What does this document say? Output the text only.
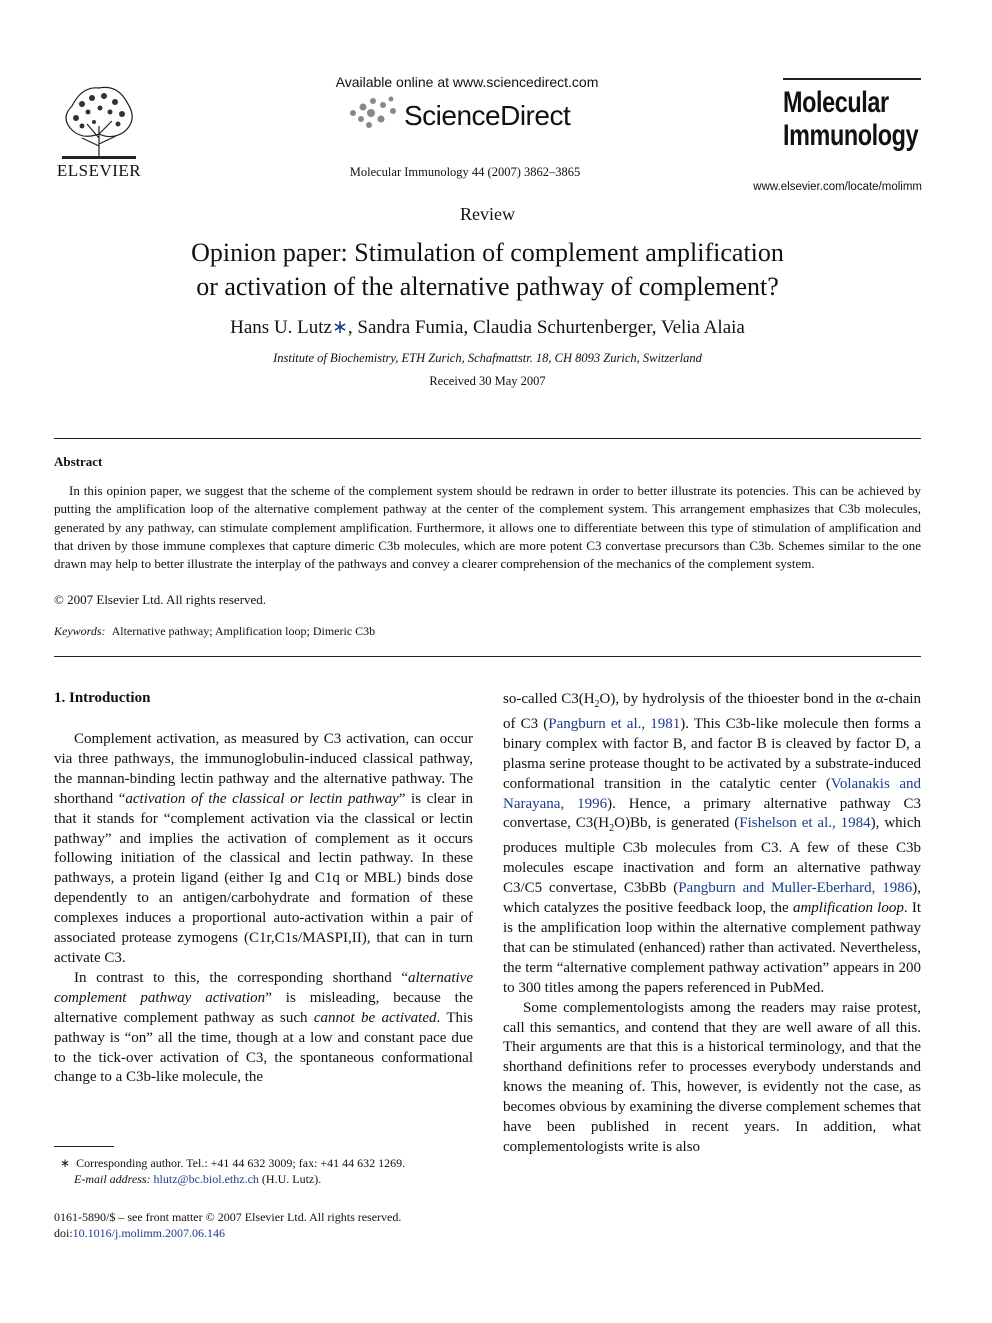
ELSEVIER
Available online at www.sciencedirect.com
ScienceDirect
Molecular Immunology 44 (2007) 3862–3865
Molecular
Immunology
www.elsevier.com/locate/molimm
Review
Opinion paper: Stimulation of complement amplification
or activation of the alternative pathway of complement?
Hans U. Lutz∗, Sandra Fumia, Claudia Schurtenberger, Velia Alaia
Institute of Biochemistry, ETH Zurich, Schafmattstr. 18, CH 8093 Zurich, Switzerland
Received 30 May 2007
Abstract

In this opinion paper, we suggest that the scheme of the complement system should be redrawn in order to better illustrate its potencies. This can be achieved by putting the amplification loop of the alternative complement pathway at the center of the complement system. This arrangement emphasizes that C3b molecules, generated by any pathway, can stimulate complement amplification. Furthermore, it allows one to differentiate between this type of stimulation of amplification and that driven by those immune complexes that capture dimeric C3b molecules, which are more potent C3 convertase precursors than C3b. Schemes similar to the one drawn may help to better illustrate the interplay of the pathways and convey a clearer comprehension of the mechanics of the complement system.

© 2007 Elsevier Ltd. All rights reserved.
Keywords: Alternative pathway; Amplification loop; Dimeric C3b
1. Introduction

Complement activation, as measured by C3 activation, can occur via three pathways, the immunoglobulin-induced classical pathway, the mannan-binding lectin pathway and the alternative pathway. The shorthand “activation of the classical or lectin pathway” is clear in that it stands for “complement activation via the classical or lectin pathway” and implies the activation of complement as it occurs following initiation of the classical and lectin pathway. In these pathways, a protein ligand (either Ig and C1q or MBL) binds dose dependently to an antigen/carbohydrate and formation of these complexes induces a proportional auto-activation within a pair of associated protease zymogens (C1r,C1s/MASPI,II), that can in turn activate C3.

In contrast to this, the corresponding shorthand “alternative complement pathway activation” is misleading, because the alternative complement pathway as such cannot be activated. This pathway is “on” all the time, though at a low and constant pace due to the tick-over activation of C3, the spontaneous conformational change to a C3b-like molecule, the

so-called $C3(H_2O)$, by hydrolysis of the thioester bond in the α-chain of C3 (Pangburn et al., 1981). This C3b-like molecule then forms a binary complex with factor B, and factor B is cleaved by factor D, a plasma serine protease thought to be activated by a substrate-induced conformational transition in the catalytic center (Volanakis and Narayana, 1996). Hence, a primary alternative pathway C3 convertase, $C3(H_2O)Bb$, is generated (Fishelson et al., 1984), which produces multiple C3b molecules from C3. A few of these C3b molecules escape inactivation and form an alternative pathway C3/C5 convertase, C3bBb (Pangburn and Muller-Eberhard, 1986), which catalyzes the positive feedback loop, the amplification loop. It is the amplification loop within the alternative complement pathway that can be stimulated (enhanced) rather than activated. Nevertheless, the term “alternative complement pathway activation” appears in 200 to 300 titles among the papers referenced in PubMed.

Some complementologists among the readers may raise protest, call this semantics, and contend that they are well aware of all this. Their arguments are that this is a historical terminology, and that the shorthand definitions refer to processes everybody understands and knows the meaning of. This, however, is evidently not the case, as becomes obvious by examining the diverse complement schemes that have been published in recent years. In addition, what complementologists write is also

∗ Corresponding author. Tel.: +41 44 632 3009; fax: +41 44 632 1269.
E-mail address: hlutz@bc.biol.ethz.ch (H.U. Lutz).
0161-5890/$ – see front matter © 2007 Elsevier Ltd. All rights reserved.
doi:10.1016/j.molimm.2007.06.146
